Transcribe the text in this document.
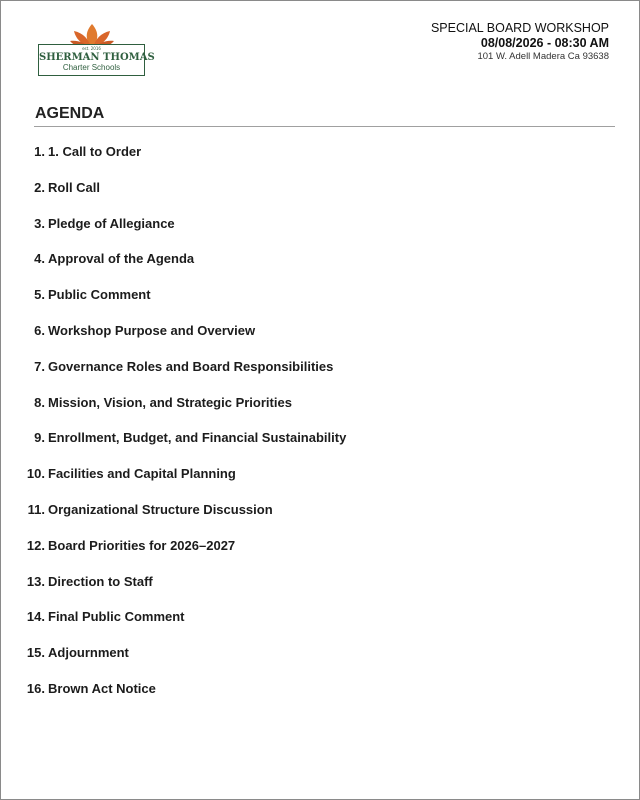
est. 2016
SHERMAN THOMAS
Charter Schools
SPECIAL BOARD WORKSHOP
08/08/2026 - 08:30 AM
101 W. Adell Madera Ca 93638
AGENDA
1. 1. Call to Order
2. Roll Call
3. Pledge of Allegiance
4. Approval of the Agenda
5. Public Comment
6. Workshop Purpose and Overview
7. Governance Roles and Board Responsibilities
8. Mission, Vision, and Strategic Priorities
9. Enrollment, Budget, and Financial Sustainability
10. Facilities and Capital Planning
11. Organizational Structure Discussion
12. Board Priorities for 2026–2027
13. Direction to Staff
14. Final Public Comment
15. Adjournment
16. Brown Act Notice
